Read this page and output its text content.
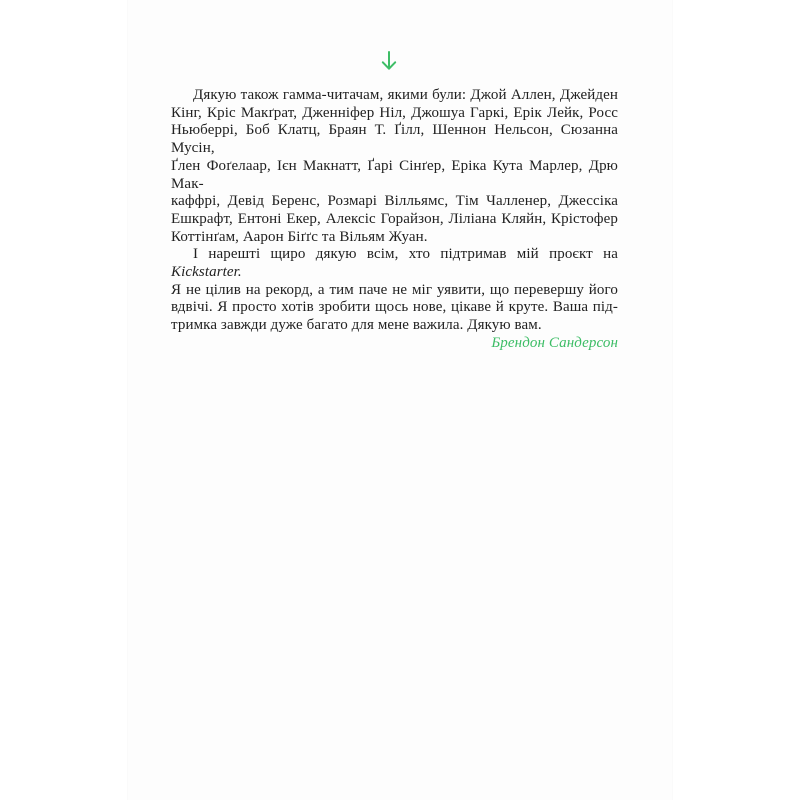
Дякую також гамма-читачам, якими були: Джой Аллен, Джейден
Кінг, Кріс Макґрат, Дженніфер Ніл, Джошуа Гаркі, Ерік Лейк, Росс
Ньюберрі, Боб Клатц, Браян Т. Ґілл, Шеннон Нельсон, Сюзанна Мусін,
Ґлен Фоґелаар, Ієн Макнатт, Ґарі Сінґер, Еріка Кута Марлер, Дрю Мак-
каффрі, Девід Беренс, Розмарі Вілльямс, Тім Чалленер, Джессіка
Ешкрафт, Ентоні Екер, Алексіс Горайзон, Ліліана Кляйн, Крістофер
Коттінґам, Аарон Біґґс та Вільям Жуан.
І нарешті щиро дякую всім, хто підтримав мій проєкт на Kickstarter.
Я не цілив на рекорд, а тим паче не міг уявити, що перевершу його
вдвічі. Я просто хотів зробити щось нове, цікаве й круте. Ваша під-
тримка завжди дуже багато для мене важила. Дякую вам.
Брендон Сандерсон
